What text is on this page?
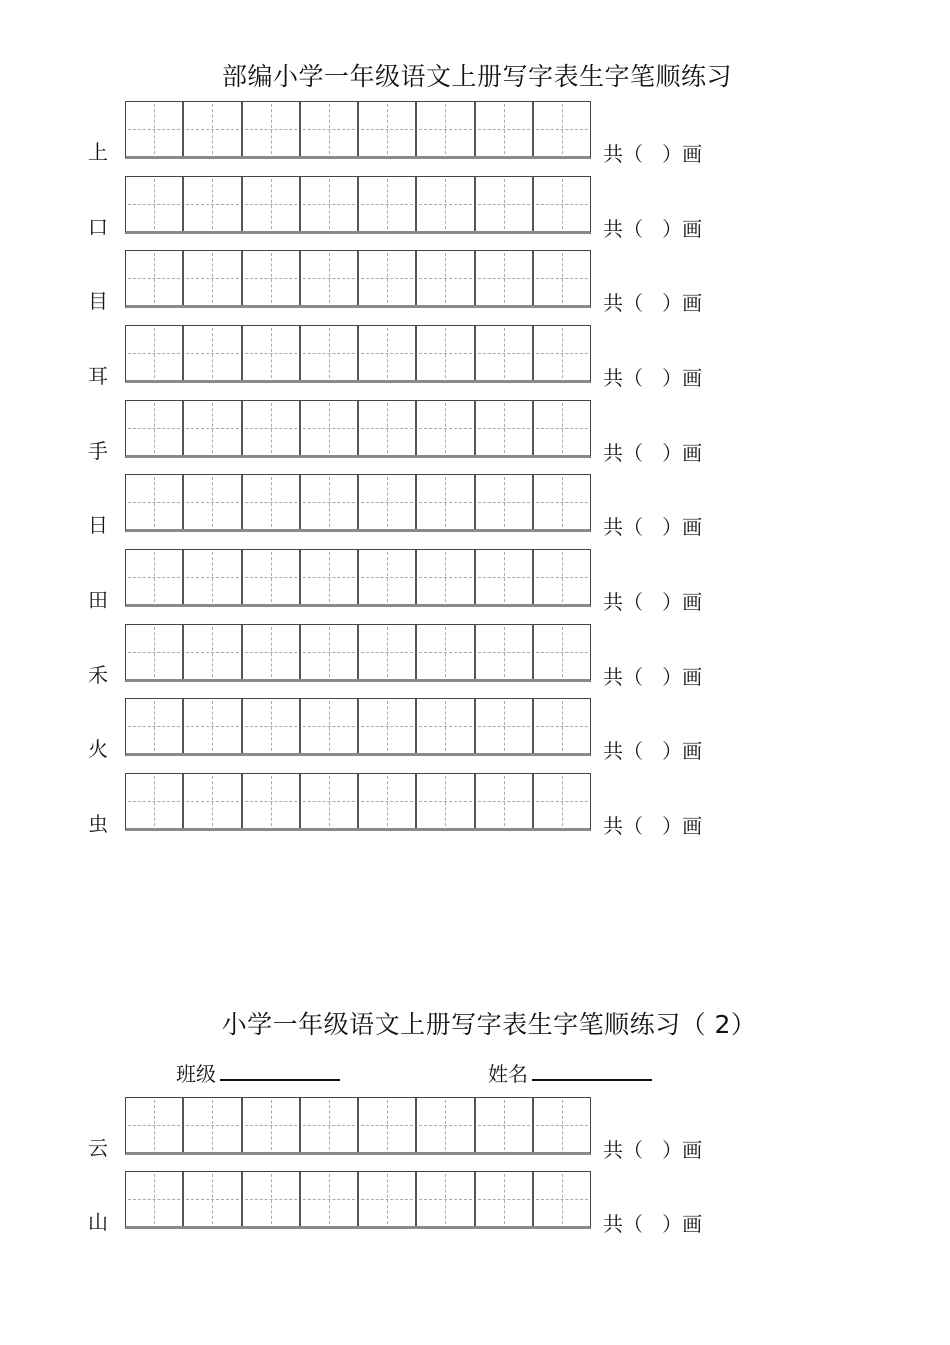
部编小学一年级语文上册写字表生字笔顺练习
上	共（   ）画
口	共（   ）画
目	共（   ）画
耳	共（   ）画
手	共（   ）画
日	共（   ）画
田	共（   ）画
禾	共（   ）画
火	共（   ）画
虫	共（   ）画
小学一年级语文上册写字表生字笔顺练习（ 2）
班级	姓名
云	共（   ）画
山	共（   ）画
